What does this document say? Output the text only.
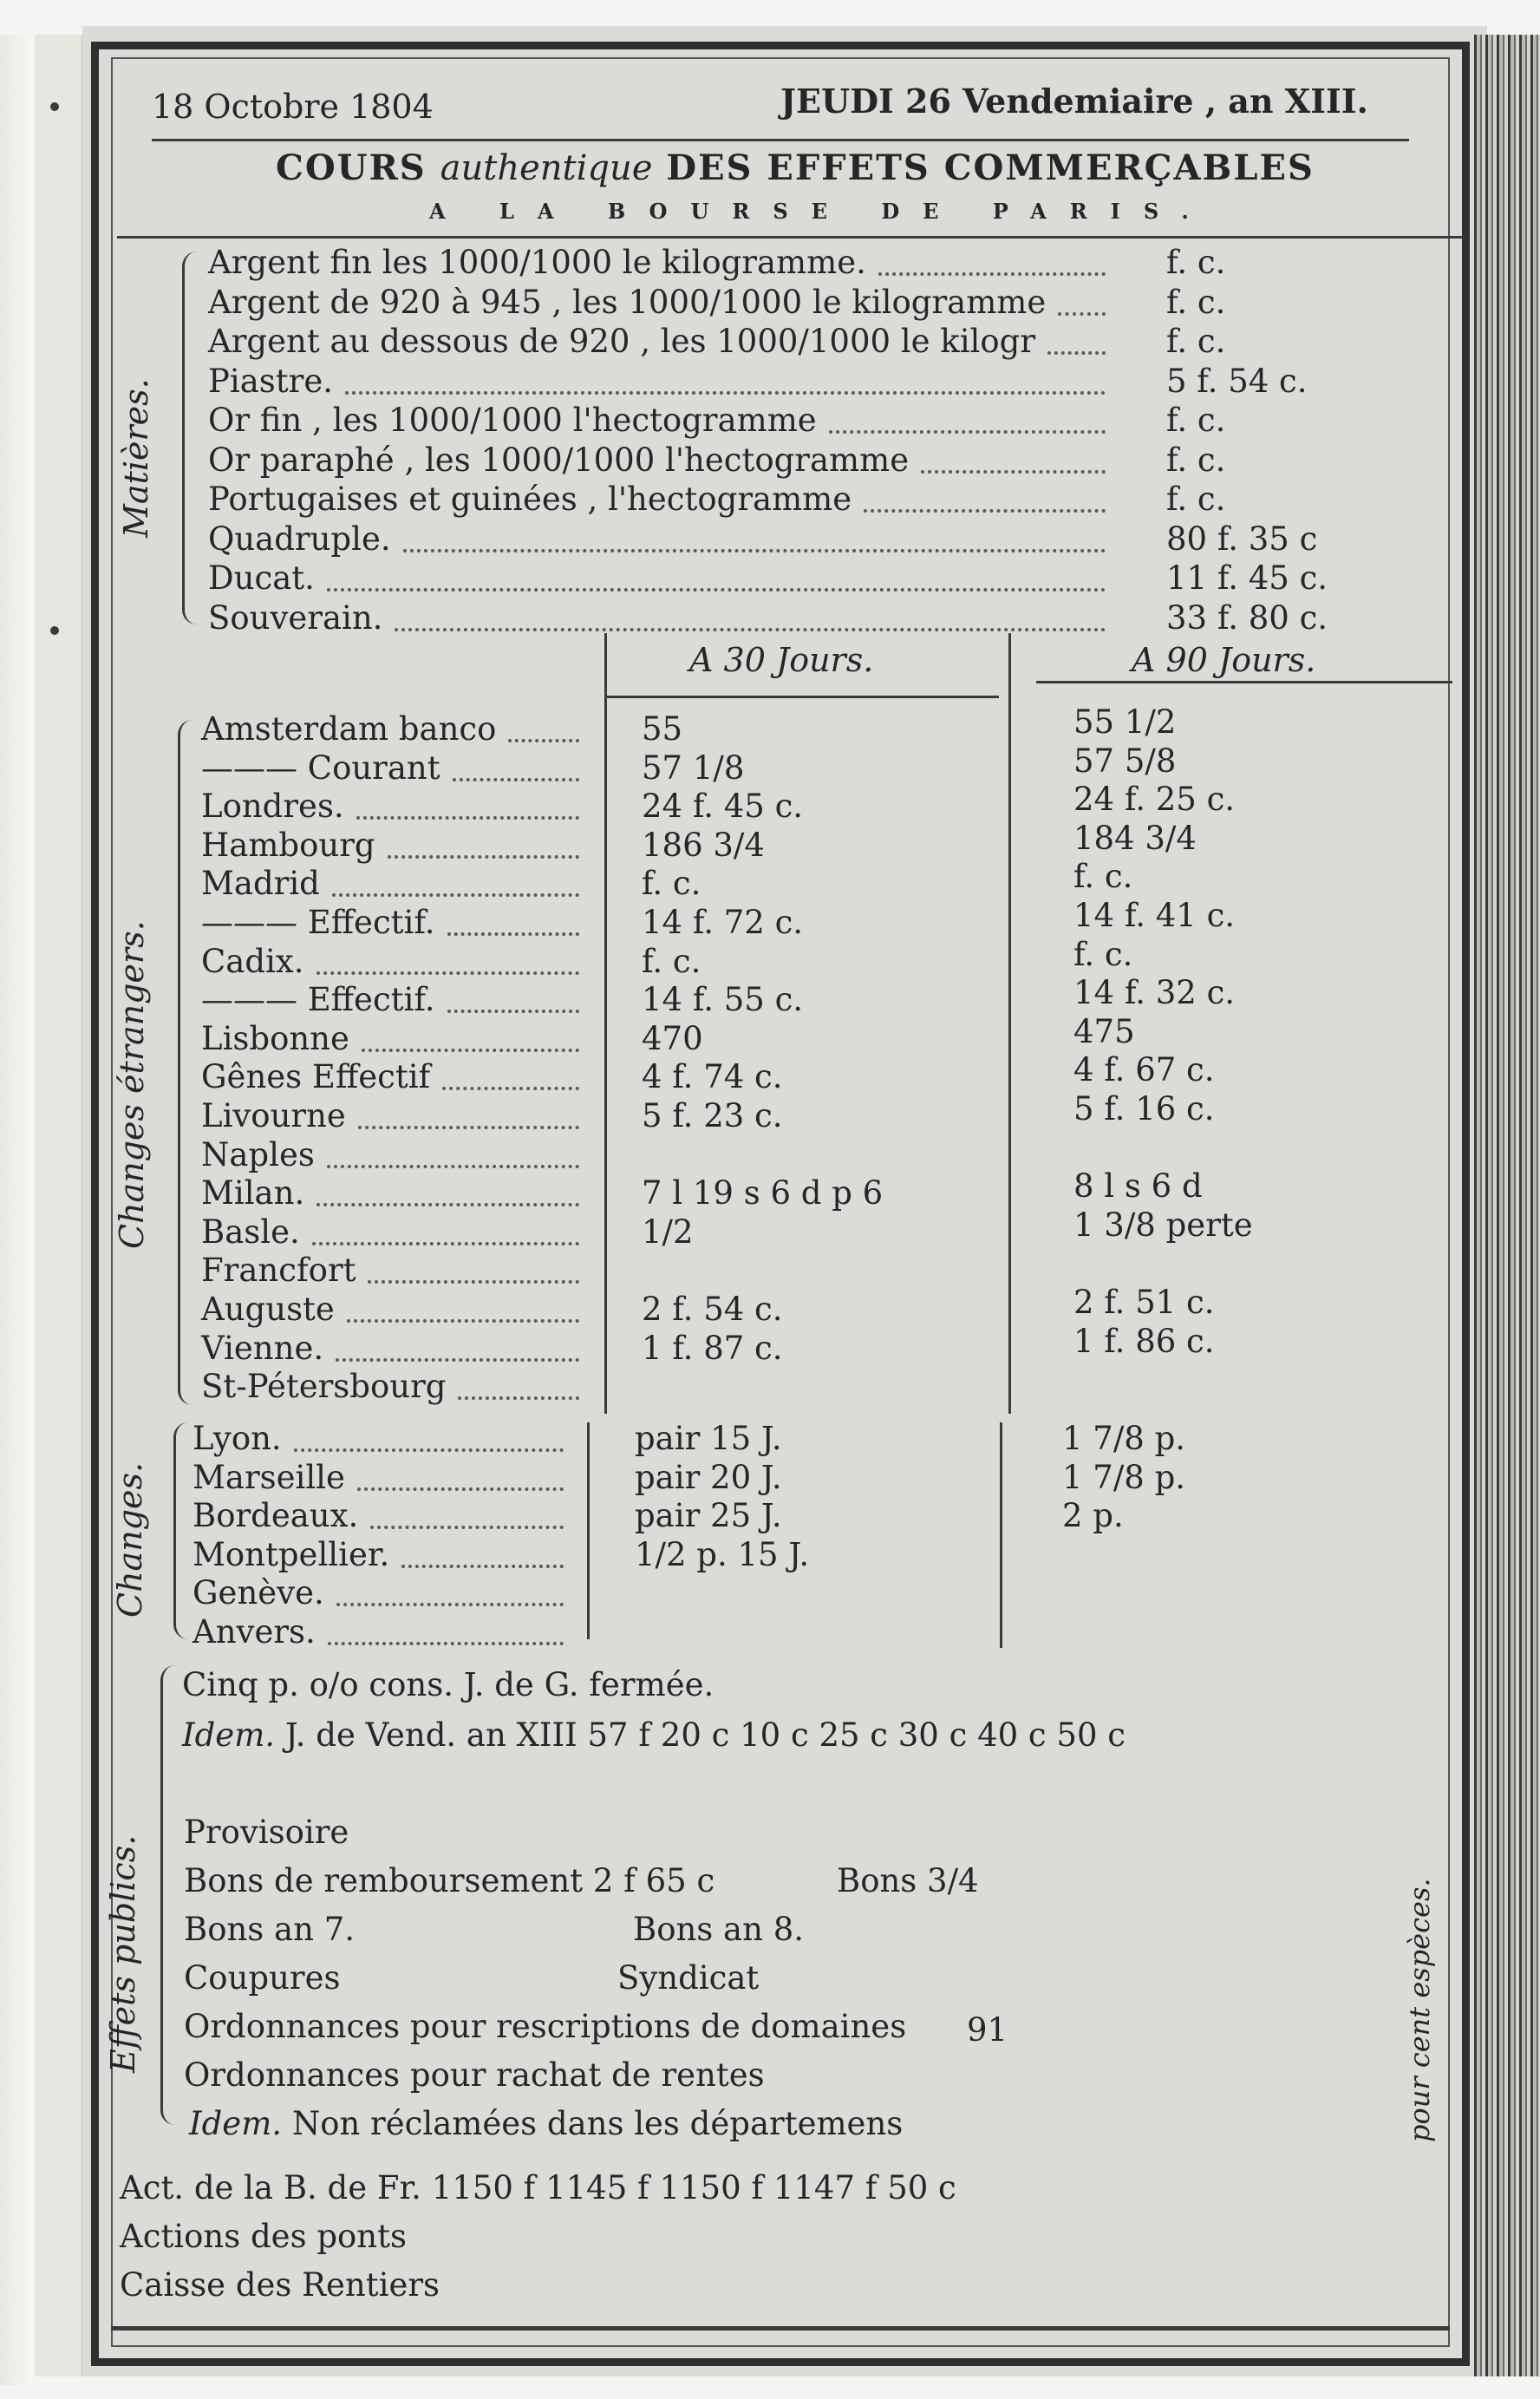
18 Octobre 1804	JEUDI 26 Vendemiaire , an XIII.
COURS authentique DES EFFETS COMMERÇABLES
A LA BOURSE DE PARIS.
Matières.
Argent fin les 1000/1000 le kilogramme.	f. c.
Argent de 920 à 945 , les 1000/1000 le kilogramme	f. c.
Argent au dessous de 920 , les 1000/1000 le kilogr	f. c.
Piastre.	5 f. 54 c.
Or fin , les 1000/1000 l'hectogramme	f. c.
Or paraphé , les 1000/1000 l'hectogramme	f. c.
Portugaises et guinées , l'hectogramme	f. c.
Quadruple.	80 f. 35 c
Ducat.	11 f. 45 c.
Souverain.	33 f. 80 c.
A 30 Jours.	A 90 Jours.
Changes étrangers.
Amsterdam banco	55	55 1/2
——— Courant	57 1/8	57 5/8
Londres.	24 f. 45 c.	24 f. 25 c.
Hambourg	186 3/4	184 3/4
Madrid	f. c.	f. c.
——— Effectif.	14 f. 72 c.	14 f. 41 c.
Cadix.	f. c.	f. c.
——— Effectif.	14 f. 55 c.	14 f. 32 c.
Lisbonne	470	475
Gênes Effectif	4 f. 74 c.	4 f. 67 c.
Livourne	5 f. 23 c.	5 f. 16 c.
Naples
Milan.	7 l 19 s 6 d p 6	8 l s 6 d
Basle.	1/2	1 3/8 perte
Francfort
Auguste	2 f. 54 c.	2 f. 51 c.
Vienne.	1 f. 87 c.	1 f. 86 c.
St-Pétersbourg
Changes.
Lyon.	pair 15 J.	1 7/8 p.
Marseille	pair 20 J.	1 7/8 p.
Bordeaux.	pair 25 J.	2 p.
Montpellier.	1/2 p. 15 J.
Genève.
Anvers.
Effets publics.	pour cent espèces.
Cinq p. o/o cons. J. de G. fermée.
Idem. J. de Vend. an XIII 57 f 20 c 10 c 25 c 30 c 40 c 50 c
Provisoire
Bons de remboursement 2 f 65 c	Bons 3/4
Bons an 7.	Bons an 8.
Coupures	Syndicat
Ordonnances pour rescriptions de domaines 91
Ordonnances pour rachat de rentes
Idem. Non réclamées dans les départemens
Act. de la B. de Fr. 1150 f 1145 f 1150 f 1147 f 50 c
Actions des ponts
Caisse des Rentiers
